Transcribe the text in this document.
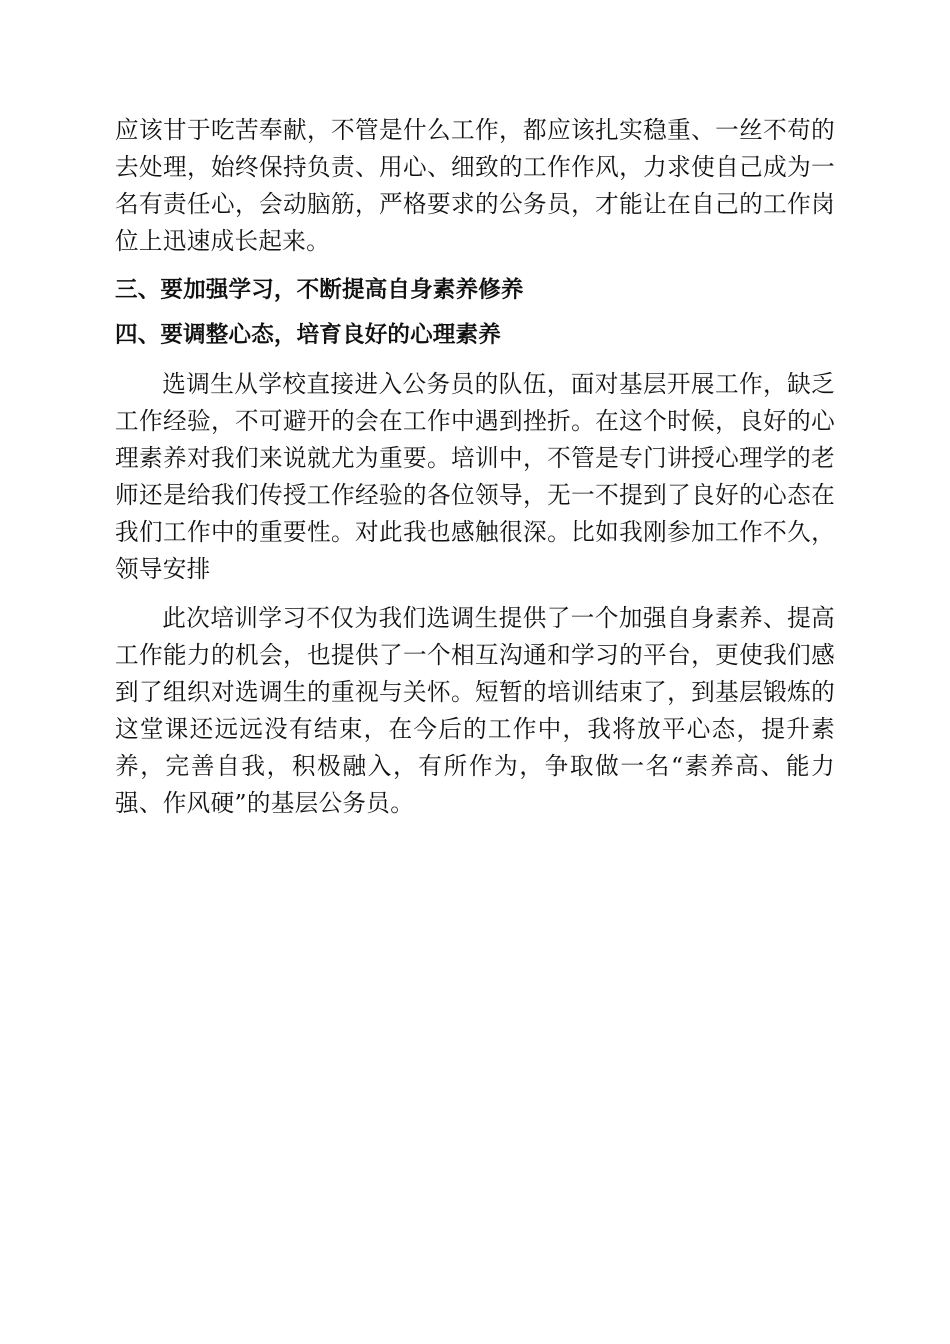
应该甘于吃苦奉献，不管是什么工作，都应该扎实稳重、一丝不苟的去处理，始终保持负责、用心、细致的工作作风，力求使自己成为一名有责任心，会动脑筋，严格要求的公务员，才能让在自己的工作岗位上迅速成长起来。

三、要加强学习，不断提高自身素养修养

四、要调整心态，培育良好的心理素养

选调生从学校直接进入公务员的队伍，面对基层开展工作，缺乏工作经验，不可避开的会在工作中遇到挫折。在这个时候，良好的心理素养对我们来说就尤为重要。培训中，不管是专门讲授心理学的老师还是给我们传授工作经验的各位领导，无一不提到了良好的心态在我们工作中的重要性。对此我也感触很深。比如我刚参加工作不久，领导安排

此次培训学习不仅为我们选调生提供了一个加强自身素养、提高工作能力的机会，也提供了一个相互沟通和学习的平台，更使我们感到了组织对选调生的重视与关怀。短暂的培训结束了，到基层锻炼的这堂课还远远没有结束，在今后的工作中，我将放平心态，提升素养，完善自我，积极融入，有所作为，争取做一名“素养高、能力强、作风硬”的基层公务员。
